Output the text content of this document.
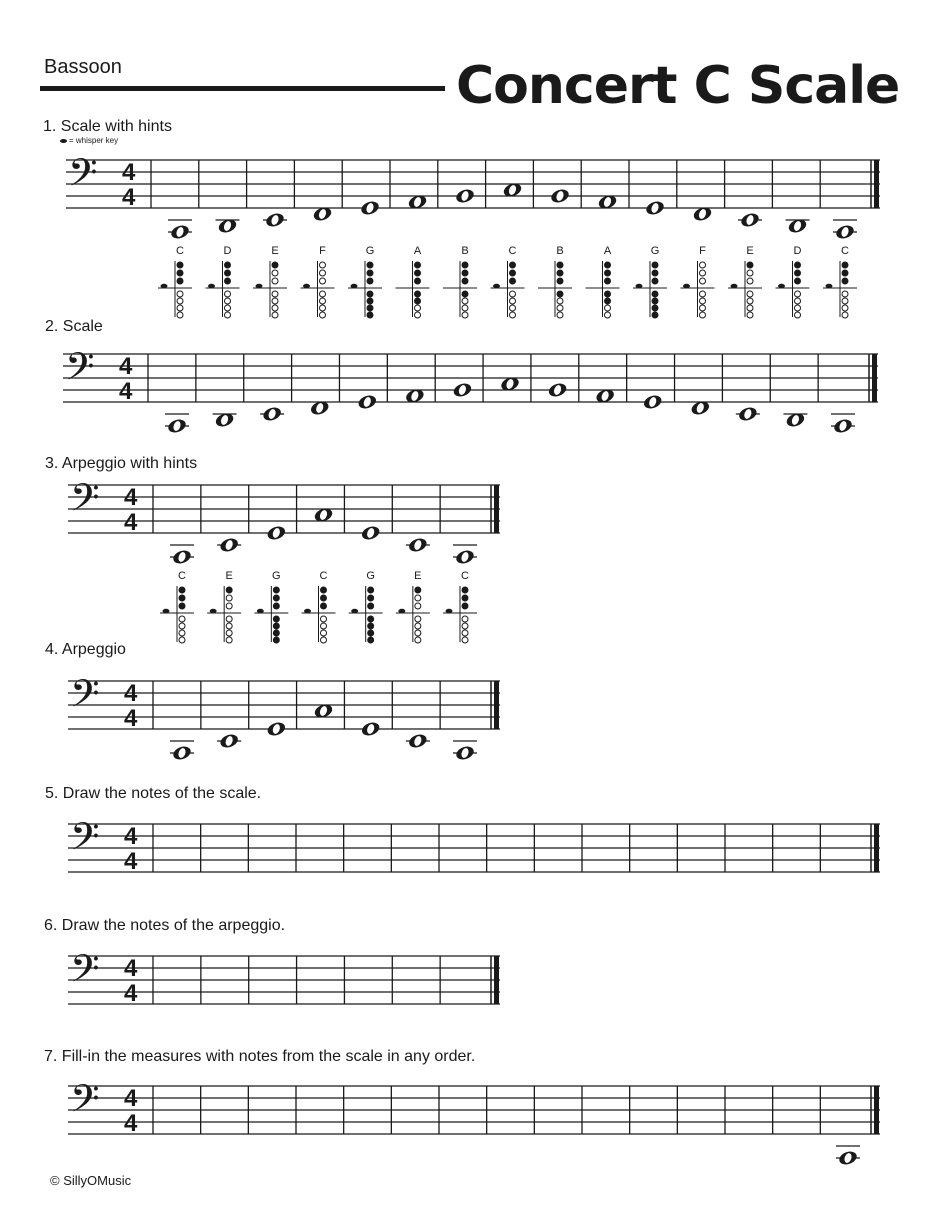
Bassoon	Concert C Scale
1. Scale with hints
= whisper key
2. Scale
3. Arpeggio with hints
4. Arpeggio
5. Draw the notes of the scale.
6. Draw the notes of the arpeggio.
7. Fill-in the measures with notes from the scale in any order.
© SillyOMusic
𝄢 4
4
C	D	E	F	G	A	B	C	B	A	G	F	E	D	C
𝄢 4
4
𝄢 4
4
C	E	G	C	G	E	C
𝄢 4
4
𝄢 4
4
𝄢 4
4
𝄢 4
4
